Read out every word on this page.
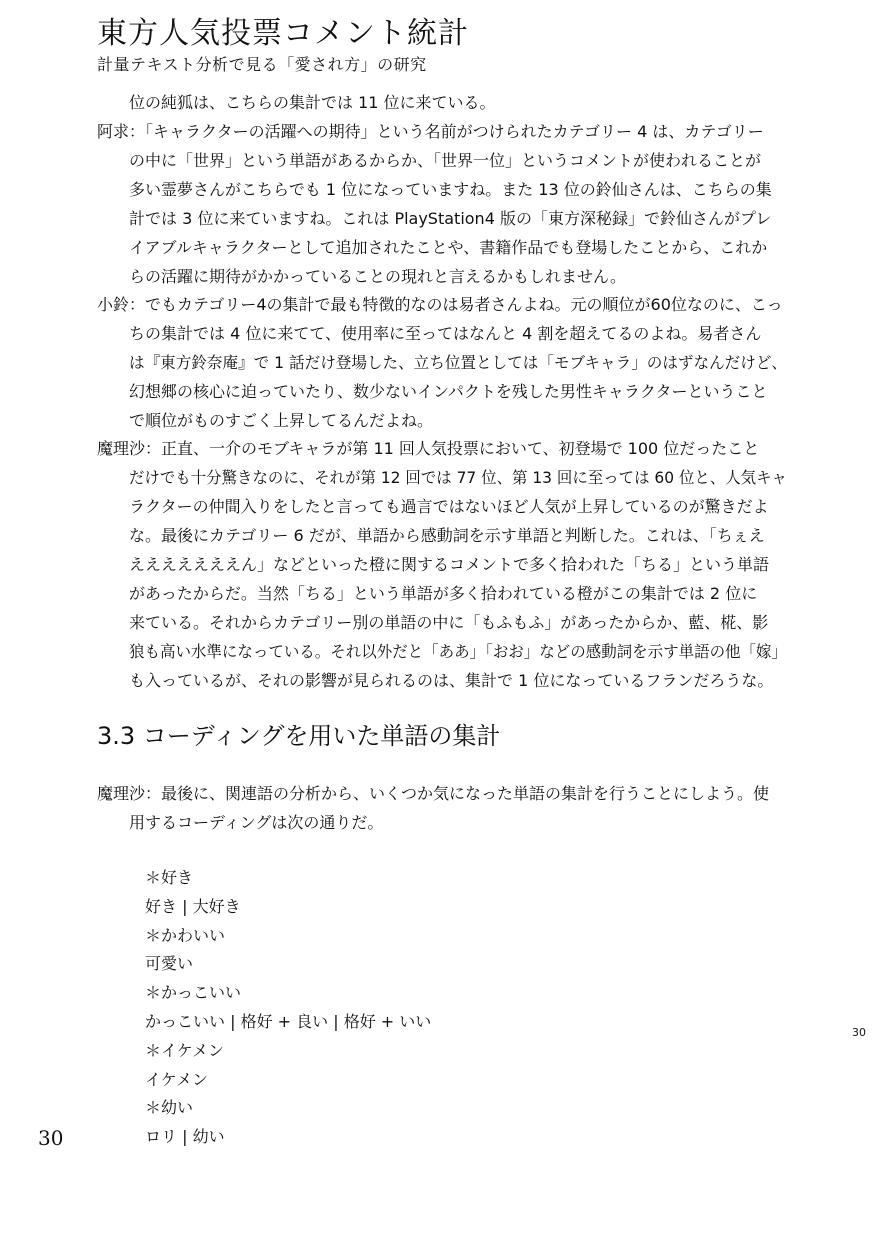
東方人気投票コメント統計
計量テキスト分析で見る「愛され方」の研究
位の純狐は、こちらの集計では 11 位に来ている。
阿求：「キャラクターの活躍への期待」という名前がつけられたカテゴリー 4 は、カテゴリー
の中に「世界」という単語があるからか、「世界一位」というコメントが使われることが
多い霊夢さんがこちらでも 1 位になっていますね。また 13 位の鈴仙さんは、こちらの集
計では 3 位に来ていますね。これは PlayStation4 版の「東方深秘録」で鈴仙さんがプレ
イアブルキャラクターとして追加されたことや、書籍作品でも登場したことから、これか
らの活躍に期待がかかっていることの現れと言えるかもしれません。
小鈴：でもカテゴリー4の集計で最も特徴的なのは易者さんよね。元の順位が60位なのに、こっ
ちの集計では 4 位に来てて、使用率に至ってはなんと 4 割を超えてるのよね。易者さん
は『東方鈴奈庵』で 1 話だけ登場した、立ち位置としては「モブキャラ」のはずなんだけど、
幻想郷の核心に迫っていたり、数少ないインパクトを残した男性キャラクターということ
で順位がものすごく上昇してるんだよね。
魔理沙：正直、一介のモブキャラが第 11 回人気投票において、初登場で 100 位だったこと
だけでも十分驚きなのに、それが第 12 回では 77 位、第 13 回に至っては 60 位と、人気キャ
ラクターの仲間入りをしたと言っても過言ではないほど人気が上昇しているのが驚きだよ
な。最後にカテゴリー 6 だが、単語から感動詞を示す単語と判断した。これは、「ちぇえ
えええええええん」などといった橙に関するコメントで多く拾われた「ちる」という単語
があったからだ。当然「ちる」という単語が多く拾われている橙がこの集計では 2 位に
来ている。それからカテゴリー別の単語の中に「もふもふ」があったからか、藍、椛、影
狼も高い水準になっている。それ以外だと「ああ」「おお」などの感動詞を示す単語の他「嫁」
も入っているが、それの影響が見られるのは、集計で 1 位になっているフランだろうな。
3.3 コーディングを用いた単語の集計
魔理沙：最後に、関連語の分析から、いくつか気になった単語の集計を行うことにしよう。使
用するコーディングは次の通りだ。
＊好き
好き | 大好き
＊かわいい
可愛い
＊かっこいい
かっこいい | 格好 + 良い | 格好 + いい
＊イケメン
イケメン
＊幼い
ロリ | 幼い
30
30
